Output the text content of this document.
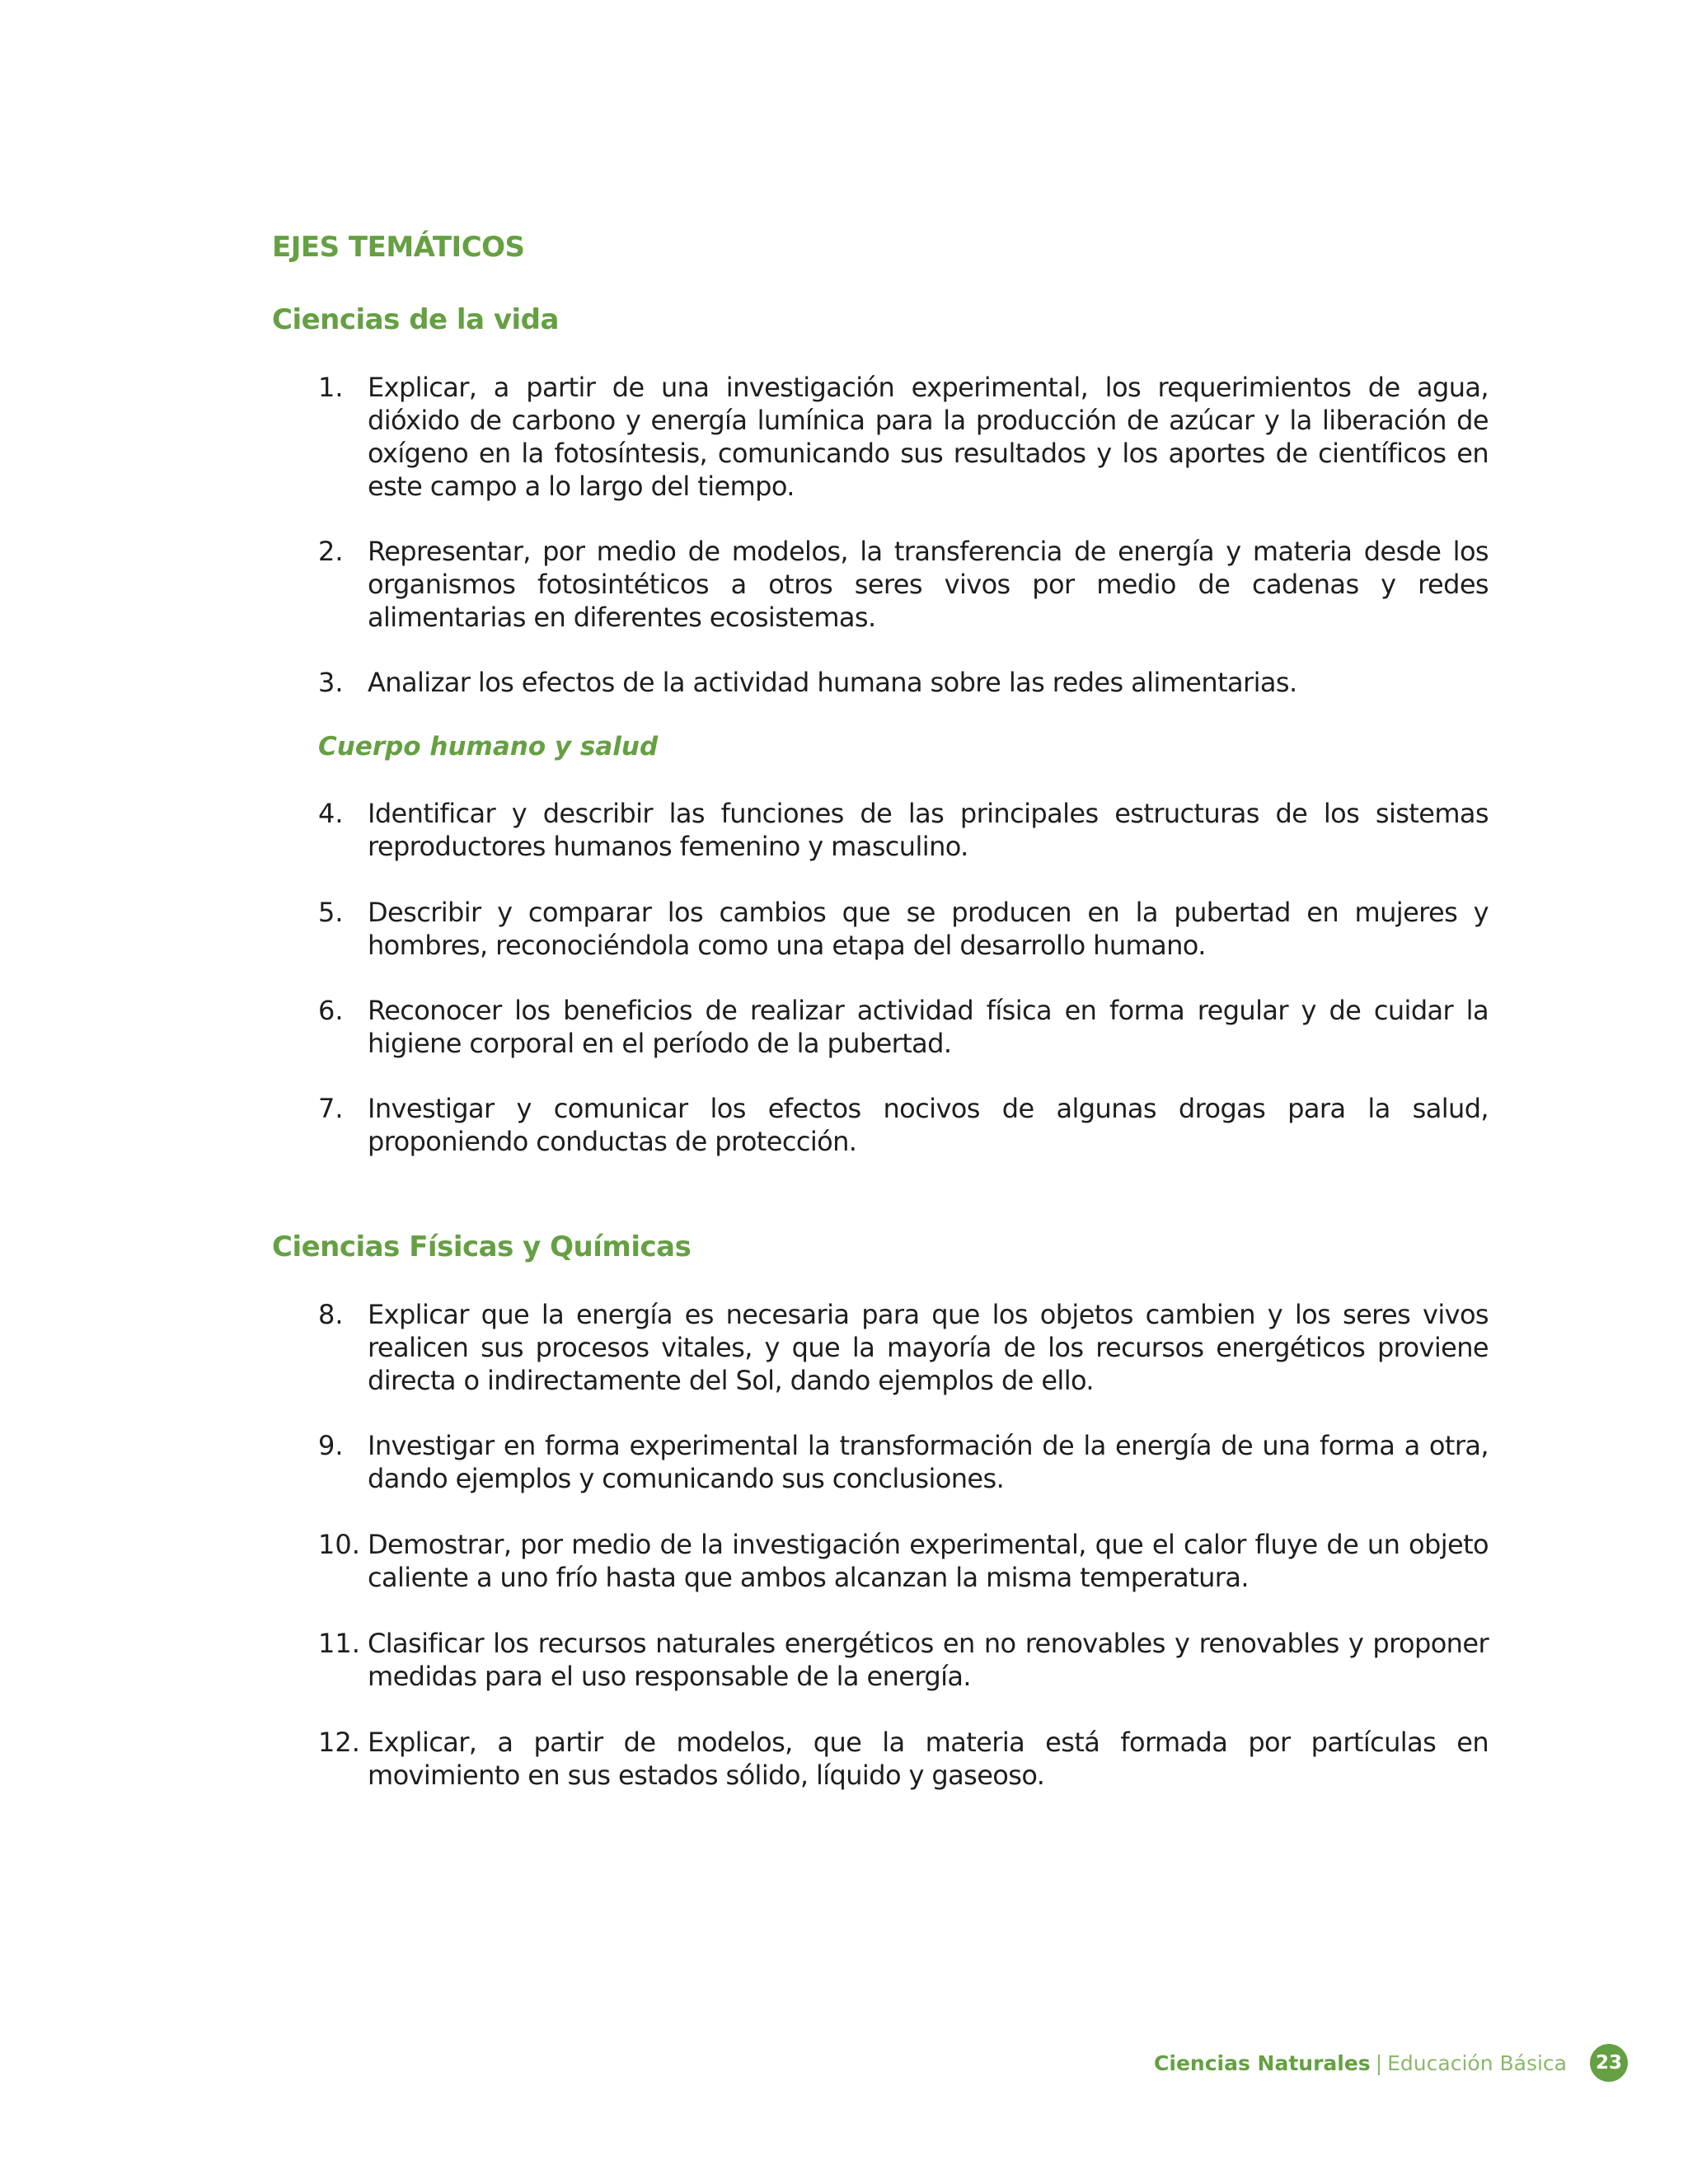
EJES TEMÁTICOS
Ciencias de la vida
1. Explicar, a partir de una investigación experimental, los requerimientos de agua, dióxido de carbono y energía lumínica para la producción de azúcar y la liberación de oxígeno en la fotosíntesis, comunicando sus resultados y los aportes de científicos en este campo a lo largo del tiempo.
2. Representar, por medio de modelos, la transferencia de energía y materia desde los organismos fotosintéticos a otros seres vivos por medio de cadenas y redes alimentarias en diferentes ecosistemas.
3. Analizar los efectos de la actividad humana sobre las redes alimentarias.
Cuerpo humano y salud
4. Identificar y describir las funciones de las principales estructuras de los sistemas reproductores humanos femenino y masculino.
5. Describir y comparar los cambios que se producen en la pubertad en mujeres y hombres, reconociéndola como una etapa del desarrollo humano.
6. Reconocer los beneficios de realizar actividad física en forma regular y de cuidar la higiene corporal en el período de la pubertad.
7. Investigar y comunicar los efectos nocivos de algunas drogas para la salud, proponiendo conductas de protección.
Ciencias Físicas y Químicas
8. Explicar que la energía es necesaria para que los objetos cambien y los seres vivos realicen sus procesos vitales, y que la mayoría de los recursos energéticos proviene directa o indirectamente del Sol, dando ejemplos de ello.
9. Investigar en forma experimental la transformación de la energía de una forma a otra, dando ejemplos y comunicando sus conclusiones.
10. Demostrar, por medio de la investigación experimental, que el calor fluye de un objeto caliente a uno frío hasta que ambos alcanzan la misma temperatura.
11. Clasificar los recursos naturales energéticos en no renovables y renovables y proponer medidas para el uso responsable de la energía.
12. Explicar, a partir de modelos, que la materia está formada por partículas en movimiento en sus estados sólido, líquido y gaseoso.
Ciencias Naturales | Educación Básica	23
